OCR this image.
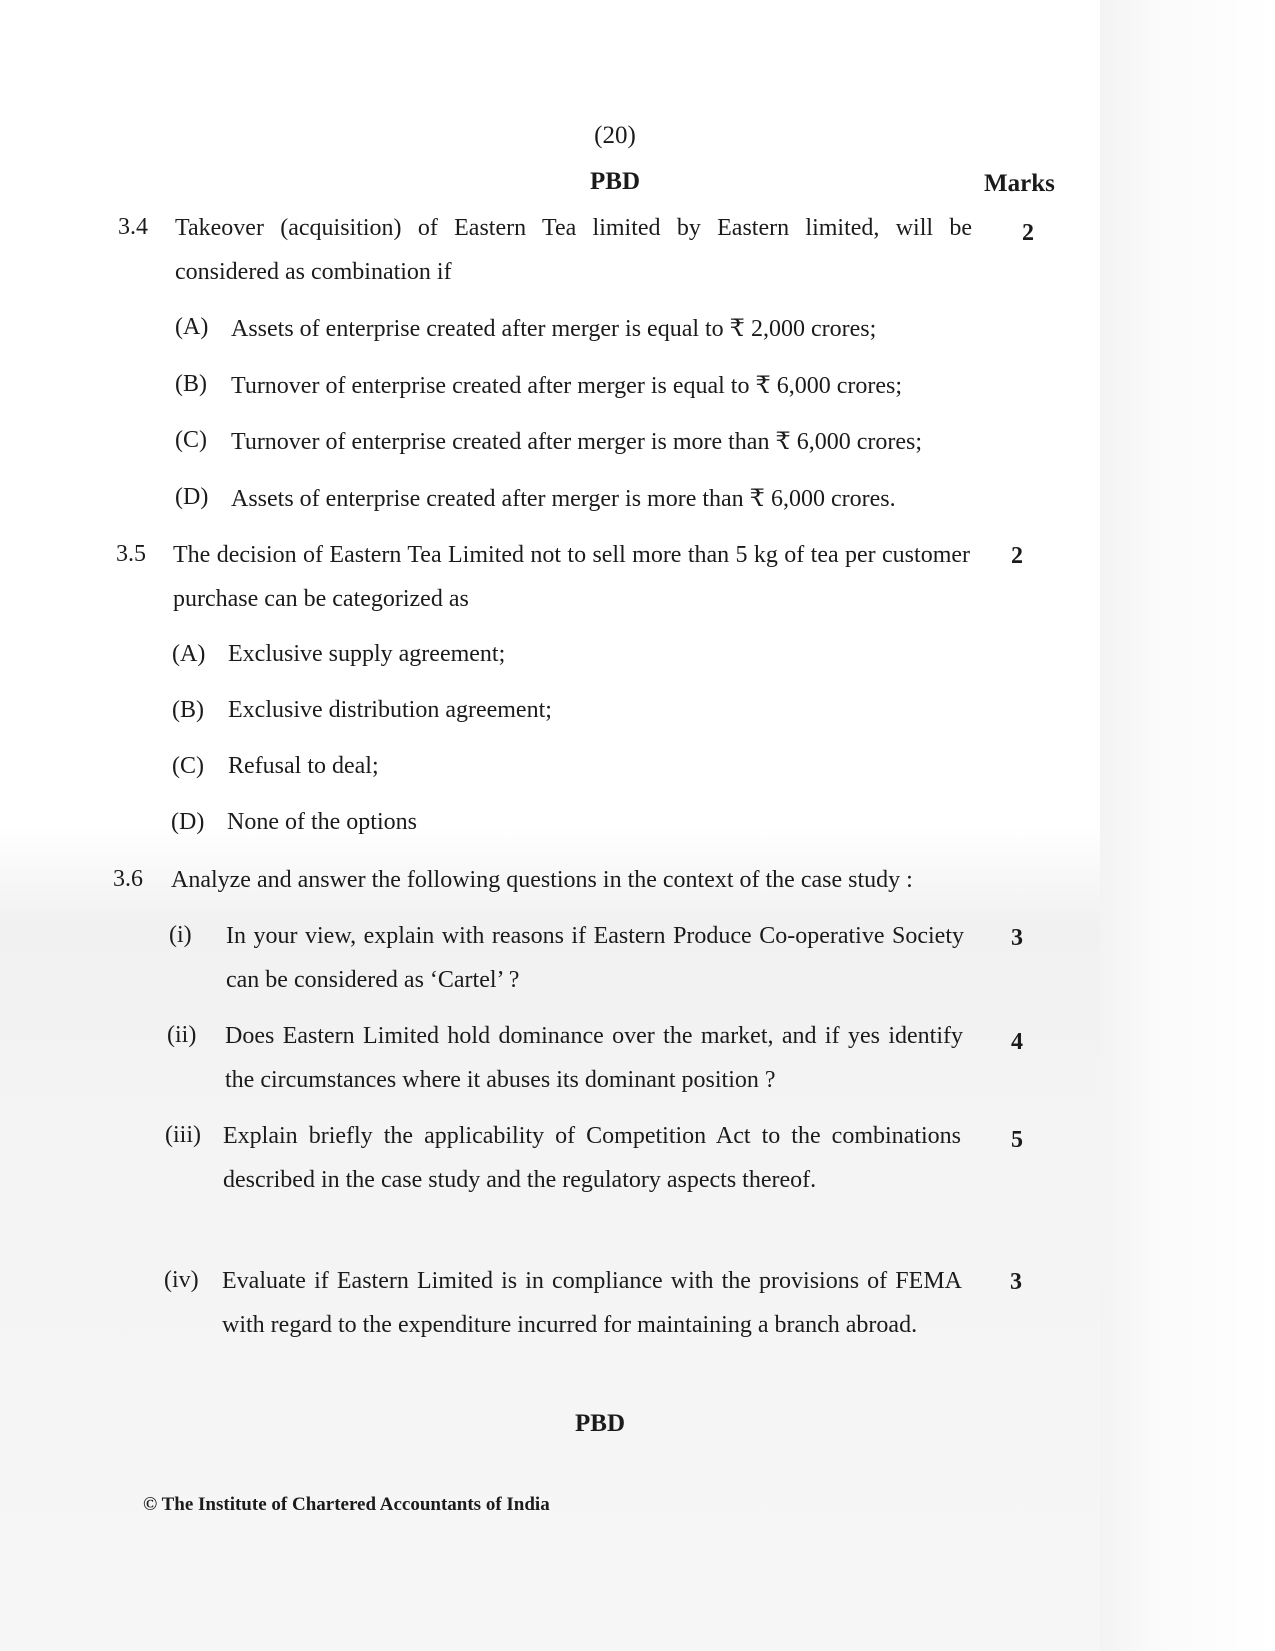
(20)
PBD	Marks
3.4 Takeover (acquisition) of Eastern Tea limited by Eastern limited, will be considered as combination if
2
(A) Assets of enterprise created after merger is equal to ₹ 2,000 crores;
(B) Turnover of enterprise created after merger is equal to ₹ 6,000 crores;
(C) Turnover of enterprise created after merger is more than ₹ 6,000 crores;
(D) Assets of enterprise created after merger is more than ₹ 6,000 crores.
3.5 The decision of Eastern Tea Limited not to sell more than 5 kg of tea per customer purchase can be categorized as
2
(A) Exclusive supply agreement;
(B) Exclusive distribution agreement;
(C) Refusal to deal;
(D) None of the options
3.6 Analyze and answer the following questions in the context of the case study :
(i) In your view, explain with reasons if Eastern Produce Co-operative Society can be considered as ‘Cartel’ ?
3
(ii) Does Eastern Limited hold dominance over the market, and if yes identify the circumstances where it abuses its dominant position ?
4
(iii) Explain briefly the applicability of Competition Act to the combinations described in the case study and the regulatory aspects thereof.
5
(iv) Evaluate if Eastern Limited is in compliance with the provisions of FEMA with regard to the expenditure incurred for maintaining a branch abroad.
3
PBD
© The Institute of Chartered Accountants of India
